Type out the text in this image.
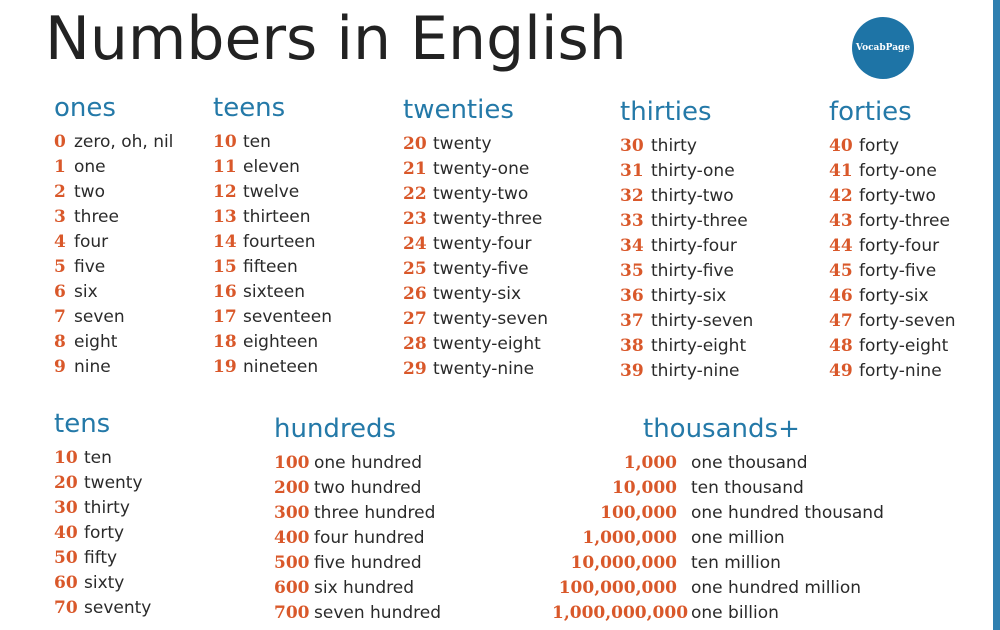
Numbers in English	VocabPage
ones
0 zero, oh, nil
1 one
2 two
3 three
4 four
5 five
6 six
7 seven
8 eight
9 nine
teens
10 ten
11 eleven
12 twelve
13 thirteen
14 fourteen
15 fifteen
16 sixteen
17 seventeen
18 eighteen
19 nineteen
twenties
20 twenty
21 twenty-one
22 twenty-two
23 twenty-three
24 twenty-four
25 twenty-five
26 twenty-six
27 twenty-seven
28 twenty-eight
29 twenty-nine
thirties
30 thirty
31 thirty-one
32 thirty-two
33 thirty-three
34 thirty-four
35 thirty-five
36 thirty-six
37 thirty-seven
38 thirty-eight
39 thirty-nine
forties
40 forty
41 forty-one
42 forty-two
43 forty-three
44 forty-four
45 forty-five
46 forty-six
47 forty-seven
48 forty-eight
49 forty-nine
tens
10 ten
20 twenty
30 thirty
40 forty
50 fifty
60 sixty
70 seventy
hundreds
100 one hundred
200 two hundred
300 three hundred
400 four hundred
500 five hundred
600 six hundred
700 seven hundred
thousands+
1,000 one thousand
10,000 ten thousand
100,000 one hundred thousand
1,000,000 one million
10,000,000 ten million
100,000,000 one hundred million
1,000,000,000 one billion
